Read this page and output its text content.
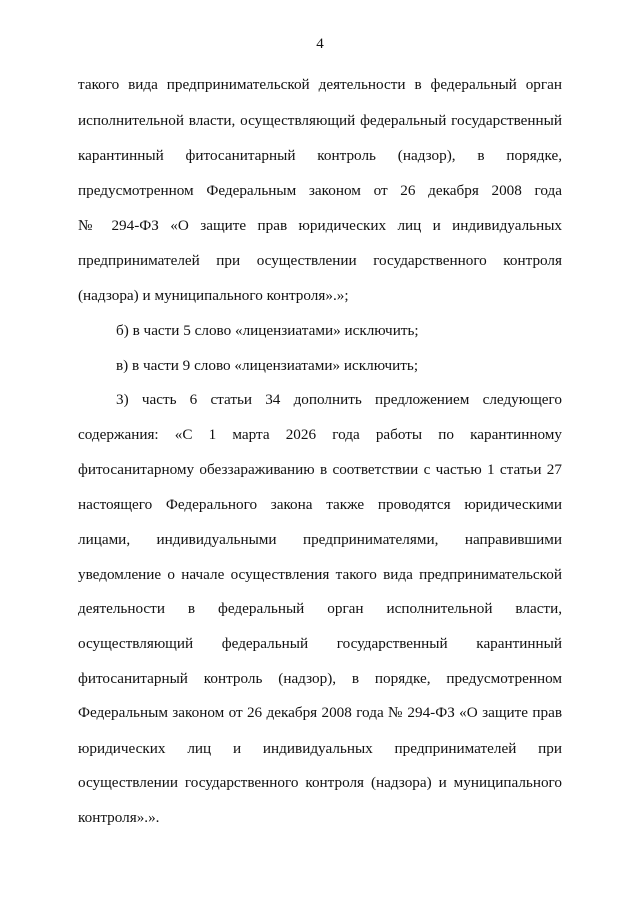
4
такого вида предпринимательской деятельности в федеральный орган
исполнительной власти, осуществляющий федеральный государственный
карантинный фитосанитарный контроль (надзор), в порядке,
предусмотренном Федеральным законом от 26 декабря 2008 года
№ 294-ФЗ «О защите прав юридических лиц и индивидуальных
предпринимателей при осуществлении государственного контроля
(надзора) и муниципального контроля».»;
б) в части 5 слово «лицензиатами» исключить;
в) в части 9 слово «лицензиатами» исключить;
3) часть 6 статьи 34 дополнить предложением следующего
содержания: «С 1 марта 2026 года работы по карантинному
фитосанитарному обеззараживанию в соответствии с частью 1 статьи 27
настоящего Федерального закона также проводятся юридическими
лицами, индивидуальными предпринимателями, направившими
уведомление о начале осуществления такого вида предпринимательской
деятельности в федеральный орган исполнительной власти,
осуществляющий федеральный государственный карантинный
фитосанитарный контроль (надзор), в порядке, предусмотренном
Федеральным законом от 26 декабря 2008 года № 294-ФЗ «О защите прав
юридических лиц и индивидуальных предпринимателей при
осуществлении государственного контроля (надзора) и муниципального
контроля».».
